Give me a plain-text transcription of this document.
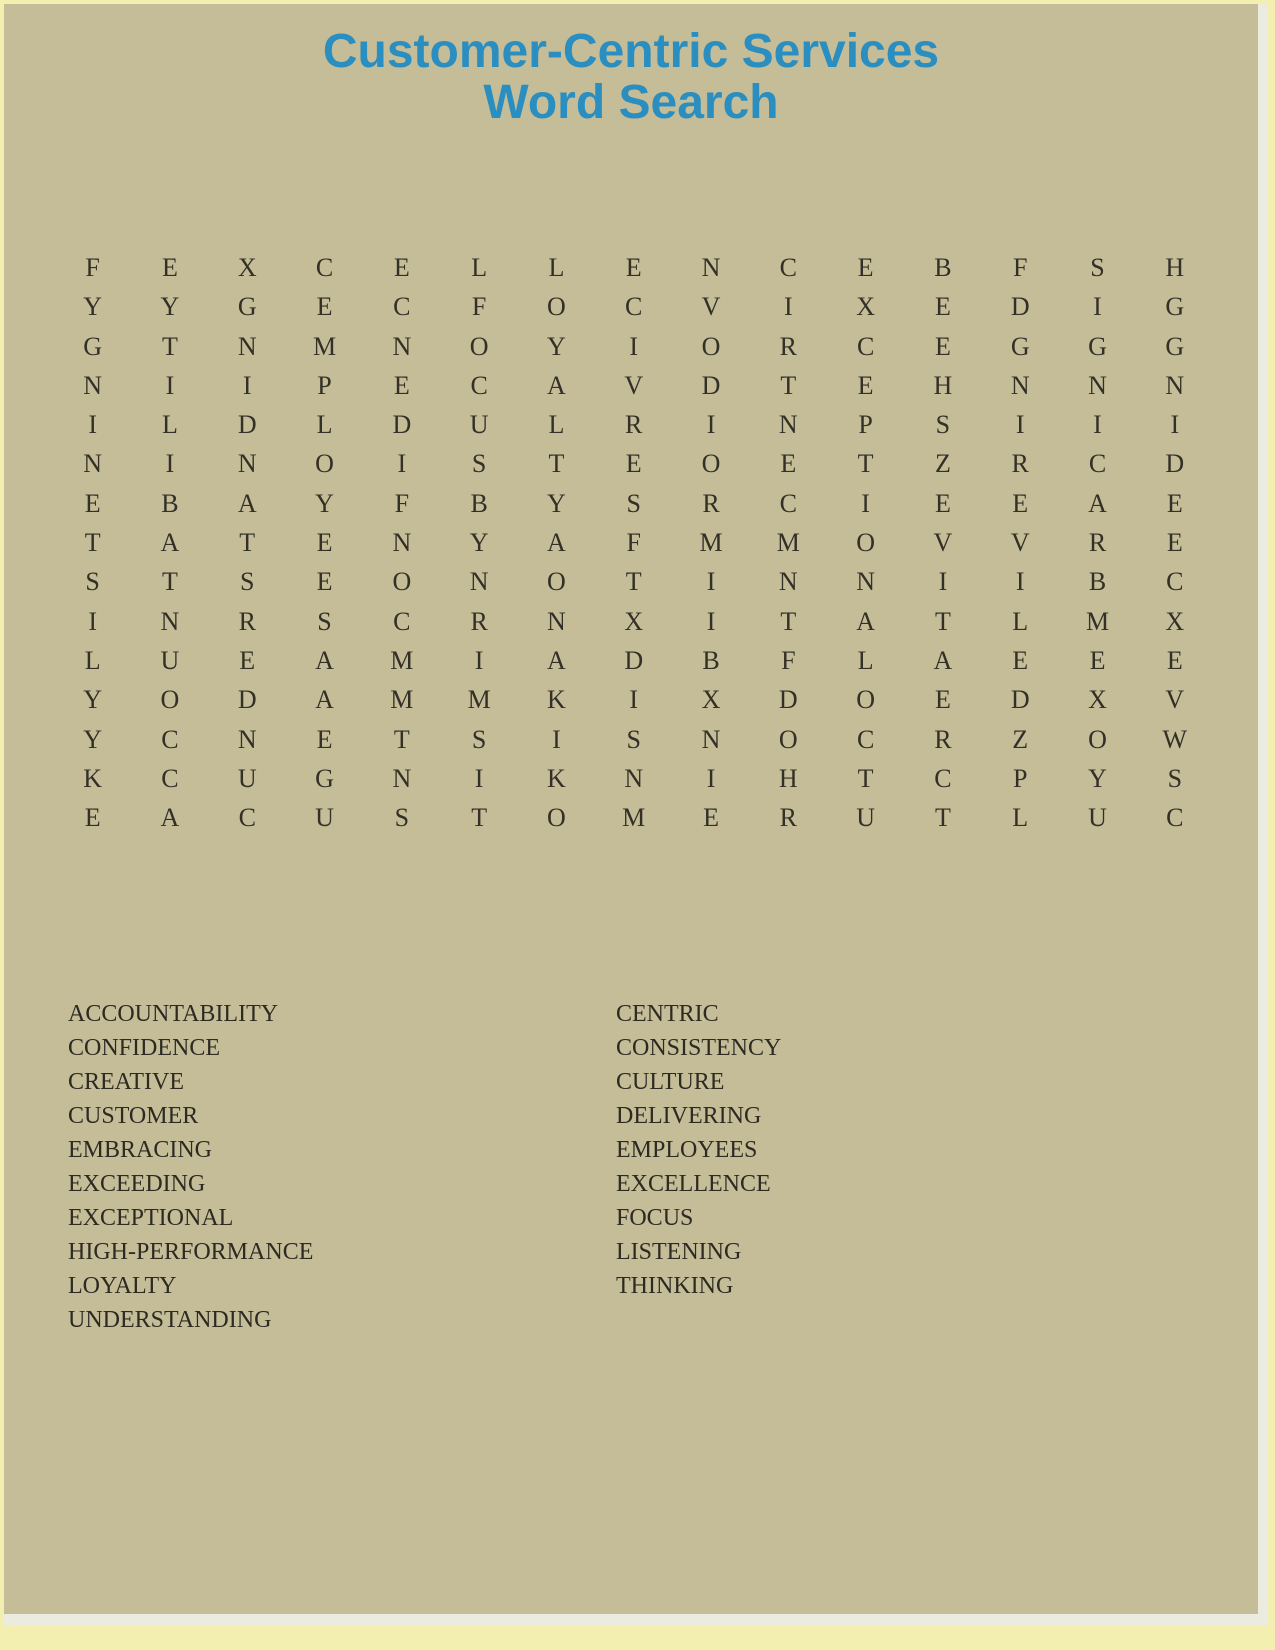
Customer-Centric Services
Word Search
F	E	X	C	E	L	L	E	N	C	E	B	F	S	H
Y	Y	G	E	C	F	O	C	V	I	X	E	D	I	G
G	T	N	M	N	O	Y	I	O	R	C	E	G	G	G
N	I	I	P	E	C	A	V	D	T	E	H	N	N	N
I	L	D	L	D	U	L	R	I	N	P	S	I	I	I
N	I	N	O	I	S	T	E	O	E	T	Z	R	C	D
E	B	A	Y	F	B	Y	S	R	C	I	E	E	A	E
T	A	T	E	N	Y	A	F	M	M	O	V	V	R	E
S	T	S	E	O	N	O	T	I	N	N	I	I	B	C
I	N	R	S	C	R	N	X	I	T	A	T	L	M	X
L	U	E	A	M	I	A	D	B	F	L	A	E	E	E
Y	O	D	A	M	M	K	I	X	D	O	E	D	X	V
Y	C	N	E	T	S	I	S	N	O	C	R	Z	O	W
K	C	U	G	N	I	K	N	I	H	T	C	P	Y	S
E	A	C	U	S	T	O	M	E	R	U	T	L	U	C
ACCOUNTABILITY	CENTRIC
CONFIDENCE	CONSISTENCY
CREATIVE	CULTURE
CUSTOMER	DELIVERING
EMBRACING	EMPLOYEES
EXCEEDING	EXCELLENCE
EXCEPTIONAL	FOCUS
HIGH-PERFORMANCE	LISTENING
LOYALTY	THINKING
UNDERSTANDING
